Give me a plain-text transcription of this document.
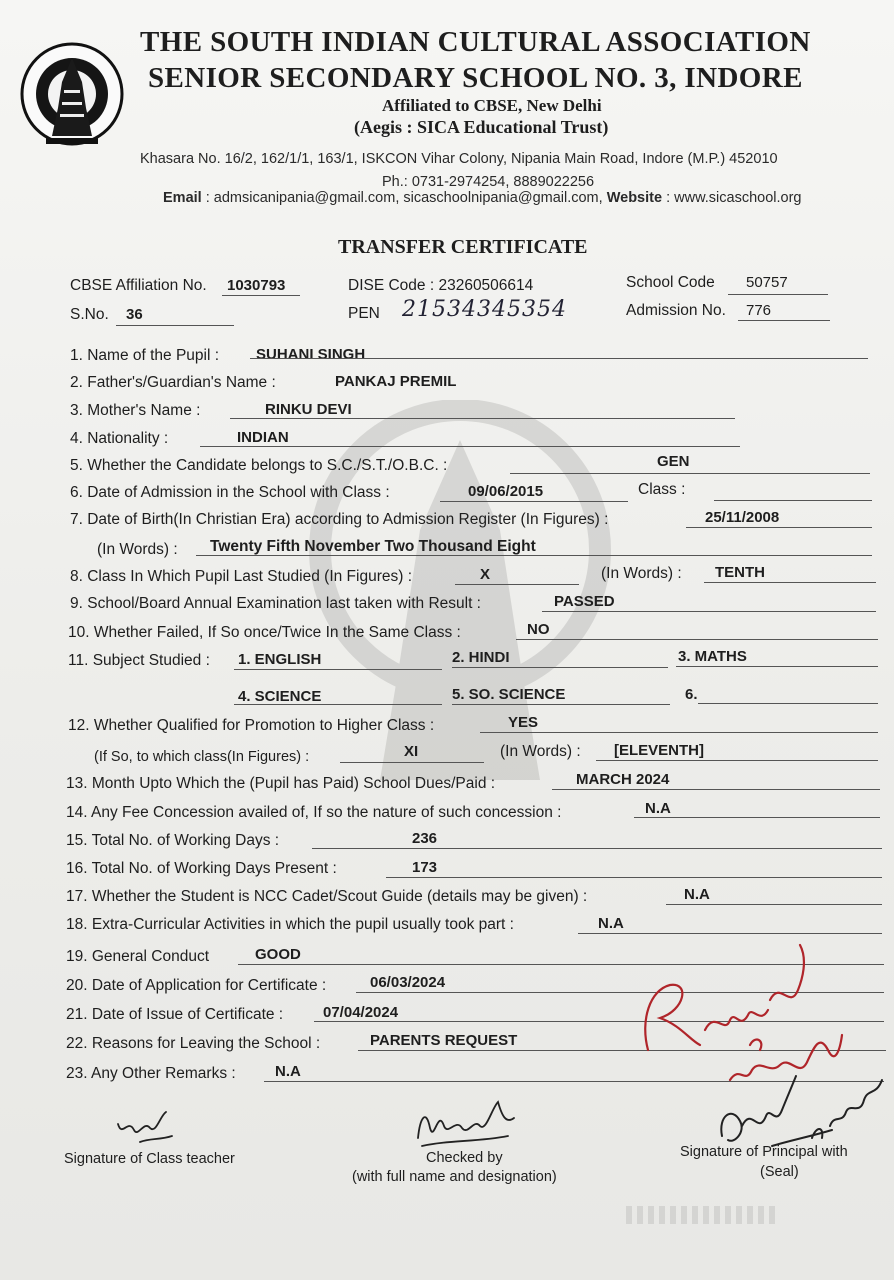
THE SOUTH INDIAN CULTURAL ASSOCIATION
SENIOR SECONDARY SCHOOL NO. 3, INDORE
Affiliated to CBSE, New Delhi
(Aegis : SICA Educational Trust)
Khasara No. 16/2, 162/1/1, 163/1, ISKCON Vihar Colony, Nipania Main Road, Indore (M.P.) 452010
Ph.: 0731-2974254, 8889022256
Email : admsicanipania@gmail.com, sicaschoolnipania@gmail.com, Website : www.sicaschool.org
TRANSFER CERTIFICATE
CBSE Affiliation No. 1030793	DISE Code : 23260506614	School Code 50757
S.No. 36	PEN 21534345354	Admission No. 776
1. Name of the Pupil : SUHANI SINGH
2. Father's/Guardian's Name :	PANKAJ PREMIL
3. Mother's Name :	RINKU DEVI
4. Nationality :	INDIAN
5. Whether the Candidate belongs to S.C./S.T./O.B.C. :	GEN
6. Date of Admission in the School with Class :	09/06/2015	Class :
7. Date of Birth(In Christian Era) according to Admission Register (In Figures) :	25/11/2008
(In Words) : Twenty Fifth November Two Thousand Eight
8. Class In Which Pupil Last Studied (In Figures) :	X	(In Words) : TENTH
9. School/Board Annual Examination last taken with Result :	PASSED
10. Whether Failed, If So once/Twice In the Same Class :	NO
11. Subject Studied : 1. ENGLISH	2. HINDI	3. MATHS
4. SCIENCE	5. SO. SCIENCE	6.
12. Whether Qualified for Promotion to Higher Class :	YES
(If So, to which class(In Figures) :	XI	(In Words) : [ELEVENTH]
13. Month Upto Which the (Pupil has Paid) School Dues/Paid :	MARCH 2024
14. Any Fee Concession availed of, If so the nature of such concession :	N.A
15. Total No. of Working Days :	236
16. Total No. of Working Days Present :	173
17. Whether the Student is NCC Cadet/Scout Guide (details may be given) :	N.A
18. Extra-Curricular Activities in which the pupil usually took part :	N.A
19. General Conduct	GOOD
20. Date of Application for Certificate :	06/03/2024
21. Date of Issue of Certificate :	07/04/2024
22. Reasons for Leaving the School :	PARENTS REQUEST
23. Any Other Remarks :	N.A
Signature of Class teacher	Checked by
(with full name and designation)
Signature of Principal with
(Seal)
